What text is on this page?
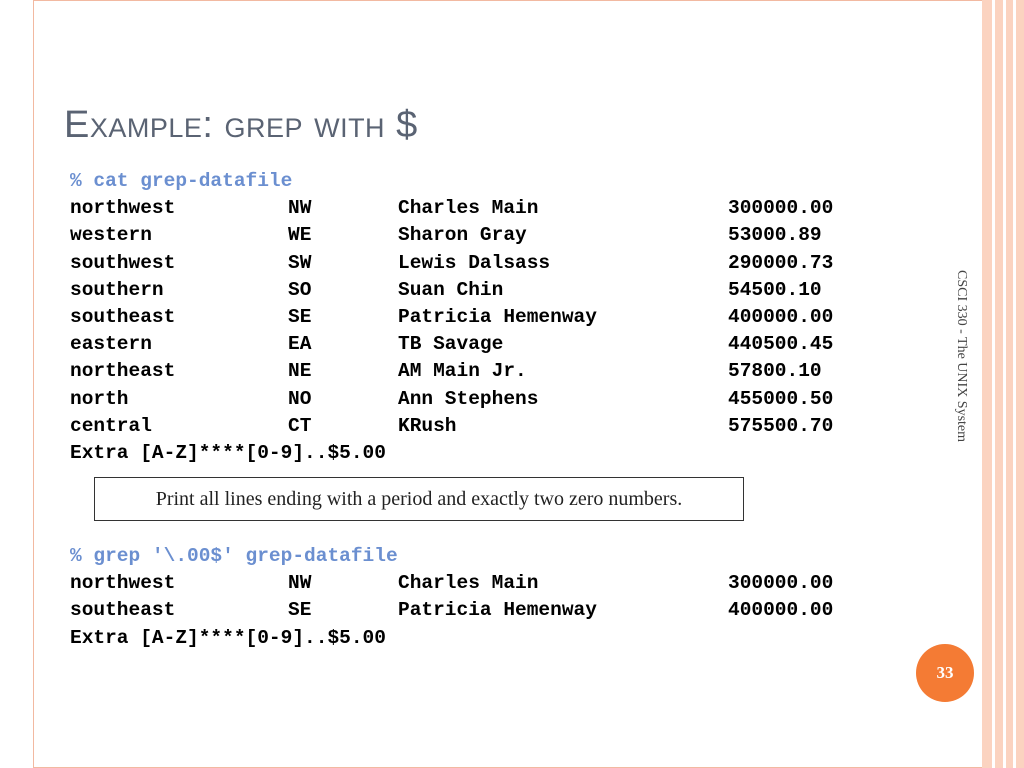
Example: grep with $
% cat grep-datafile
northwest	NW	Charles Main	300000.00
western	WE	Sharon Gray	53000.89
southwest	SW	Lewis Dalsass	290000.73
southern	SO	Suan Chin	54500.10
southeast	SE	Patricia Hemenway	400000.00
eastern	EA	TB Savage	440500.45
northeast	NE	AM Main Jr.	57800.10
north	NO	Ann Stephens	455000.50
central	CT	KRush	575500.70
Extra [A-Z]****[0-9]..$5.00
Print all lines ending with a period and exactly two zero numbers.
% grep '\.00$' grep-datafile
northwest	NW	Charles Main	300000.00
southeast	SE	Patricia Hemenway	400000.00
Extra [A-Z]****[0-9]..$5.00
CSCI 330 - The UNIX System
33
